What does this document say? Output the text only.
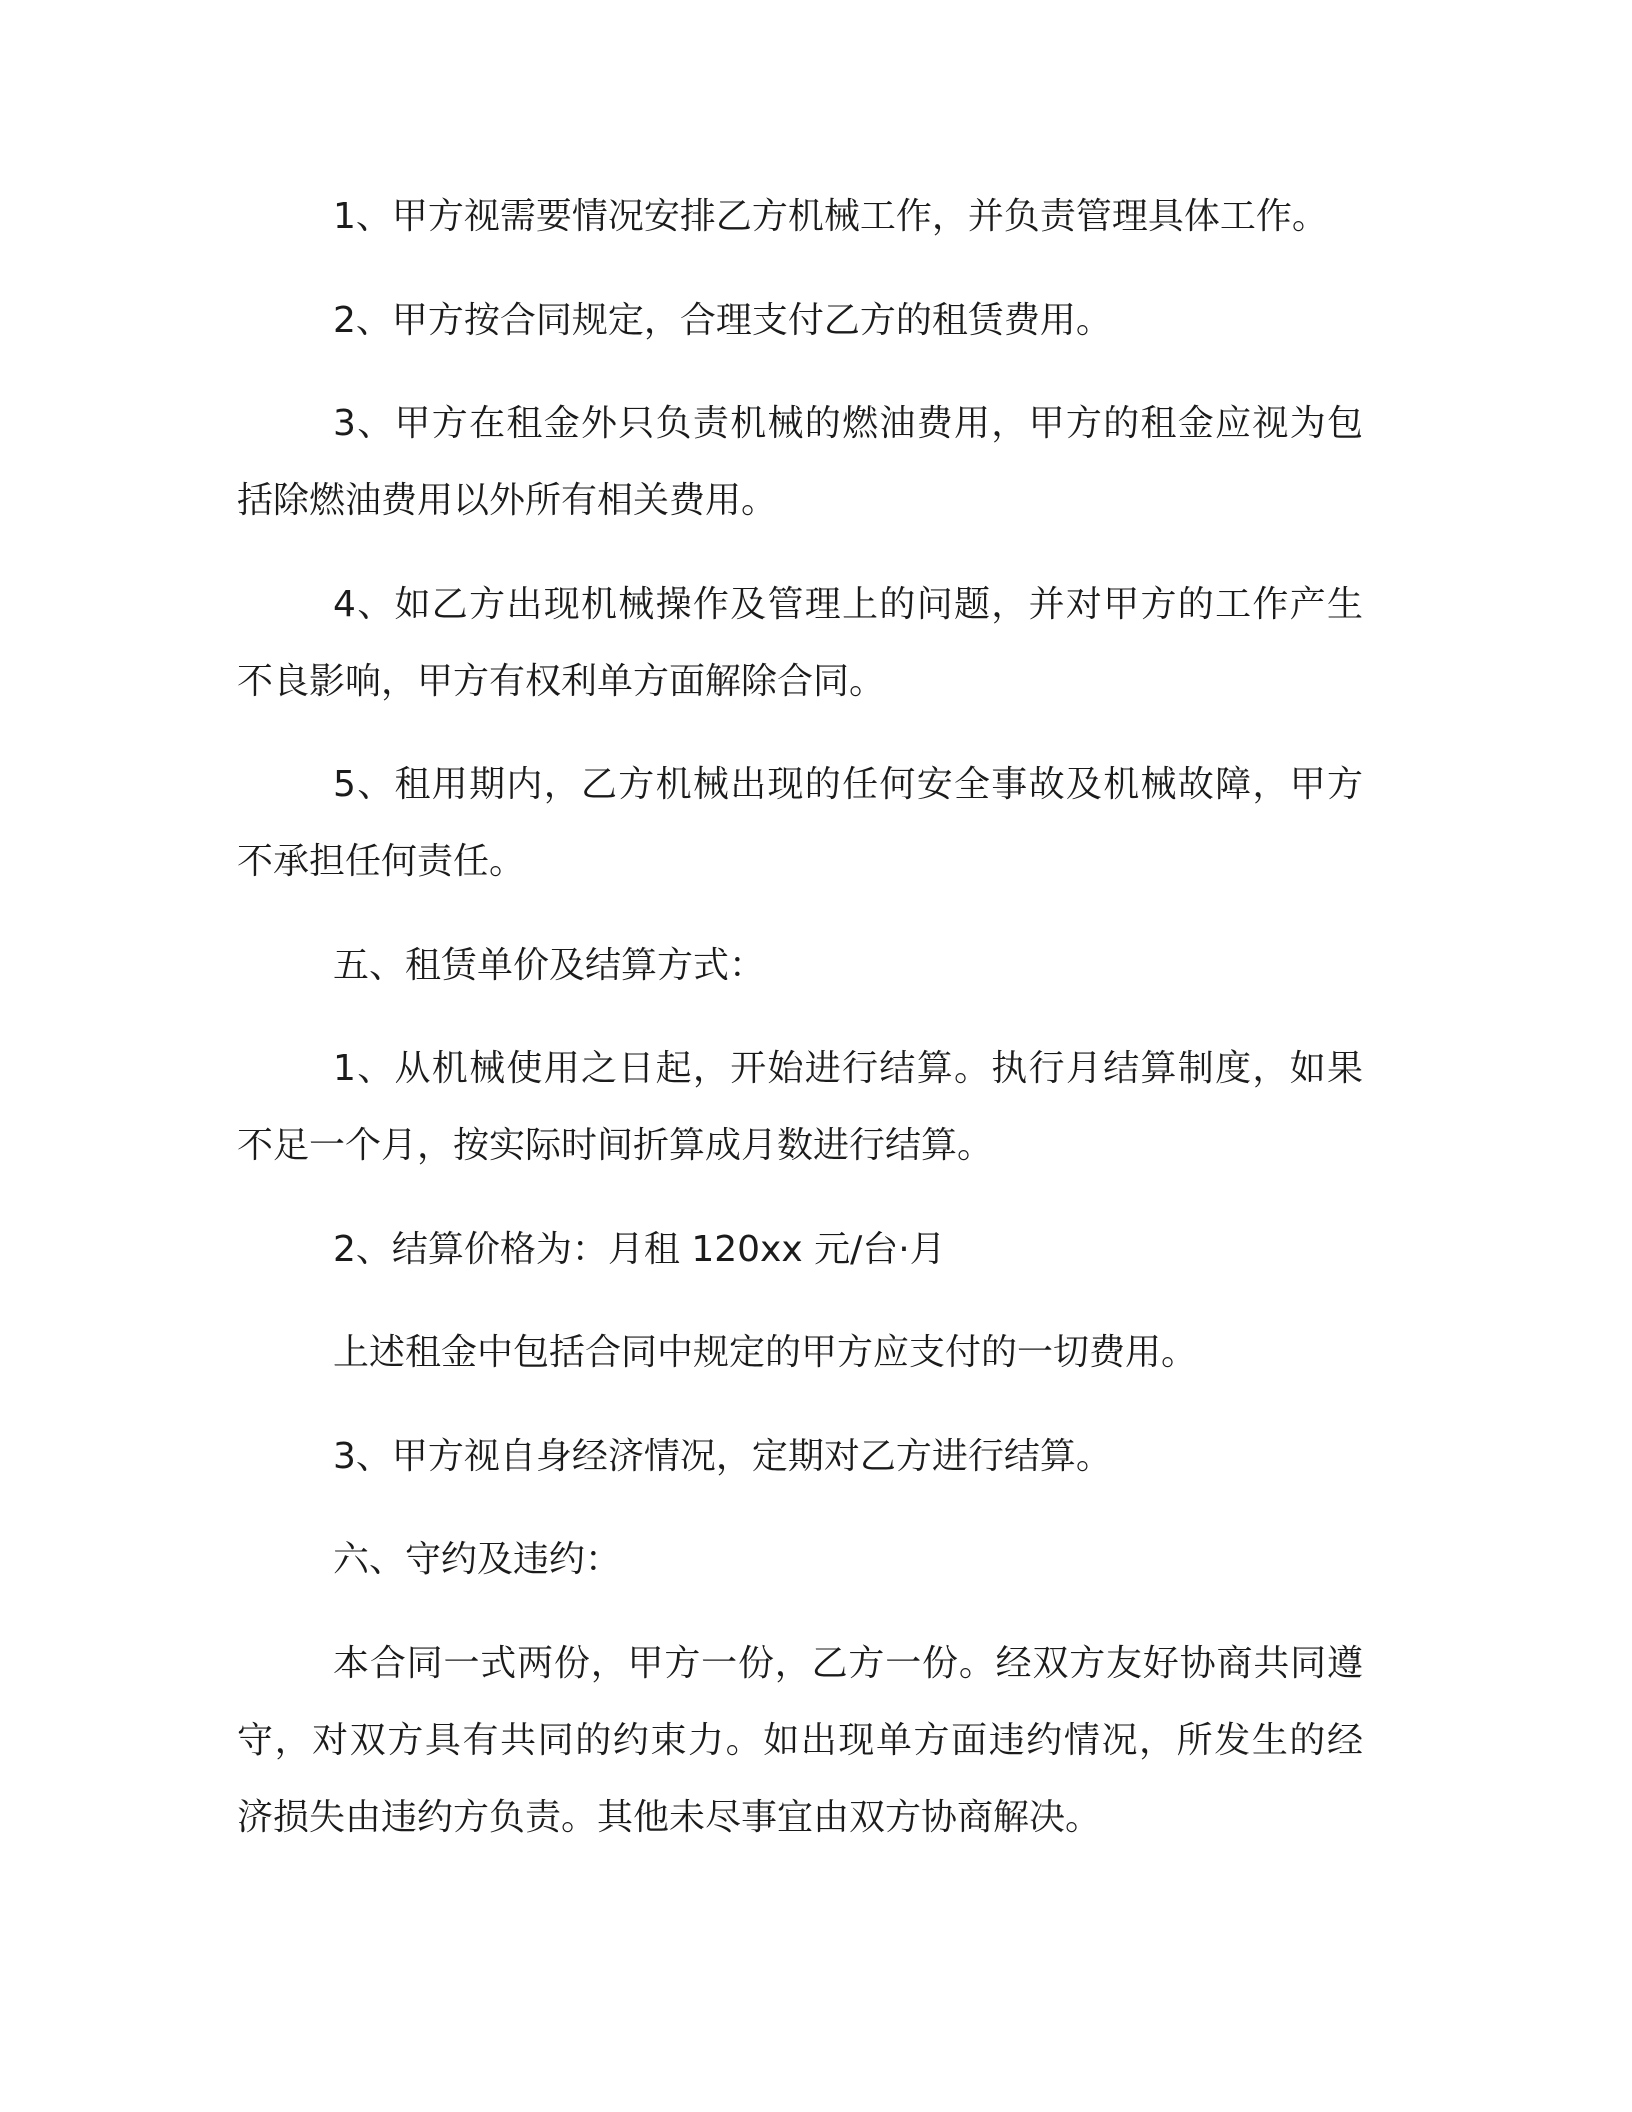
1、甲方视需要情况安排乙方机械工作，并负责管理具体工作。
2、甲方按合同规定，合理支付乙方的租赁费用。
3、甲方在租金外只负责机械的燃油费用，甲方的租金应视为包
括除燃油费用以外所有相关费用。
4、如乙方出现机械操作及管理上的问题，并对甲方的工作产生
不良影响，甲方有权利单方面解除合同。
5、租用期内，乙方机械出现的任何安全事故及机械故障，甲方
不承担任何责任。
五、租赁单价及结算方式：
1、从机械使用之日起，开始进行结算。执行月结算制度，如果
不足一个月，按实际时间折算成月数进行结算。
2、结算价格为：月租 120xx 元/台·月
上述租金中包括合同中规定的甲方应支付的一切费用。
3、甲方视自身经济情况，定期对乙方进行结算。
六、守约及违约：
本合同一式两份，甲方一份，乙方一份。经双方友好协商共同遵
守，对双方具有共同的约束力。如出现单方面违约情况，所发生的经
济损失由违约方负责。其他未尽事宜由双方协商解决。
